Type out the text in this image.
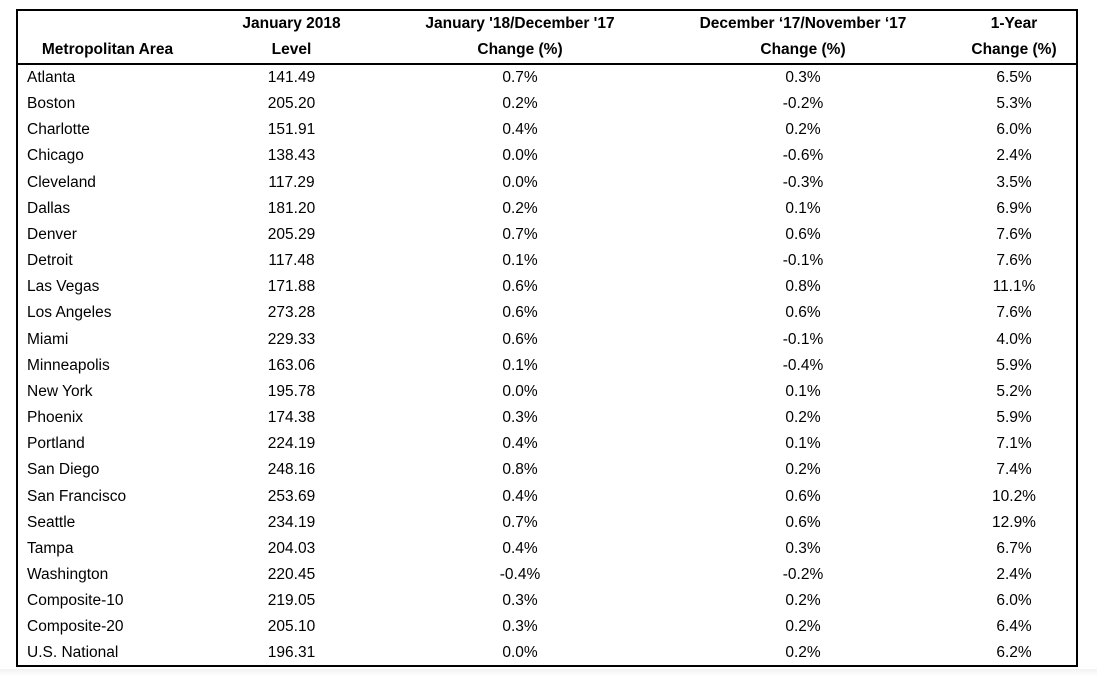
	January 2018	January '18/December '17	December ‘17/November ‘17	1-Year
Metropolitan Area	Level	Change (%)	Change (%)	Change (%)
Atlanta	141.49	0.7%	0.3%	6.5%
Boston	205.20	0.2%	-0.2%	5.3%
Charlotte	151.91	0.4%	0.2%	6.0%
Chicago	138.43	0.0%	-0.6%	2.4%
Cleveland	117.29	0.0%	-0.3%	3.5%
Dallas	181.20	0.2%	0.1%	6.9%
Denver	205.29	0.7%	0.6%	7.6%
Detroit	117.48	0.1%	-0.1%	7.6%
Las Vegas	171.88	0.6%	0.8%	11.1%
Los Angeles	273.28	0.6%	0.6%	7.6%
Miami	229.33	0.6%	-0.1%	4.0%
Minneapolis	163.06	0.1%	-0.4%	5.9%
New York	195.78	0.0%	0.1%	5.2%
Phoenix	174.38	0.3%	0.2%	5.9%
Portland	224.19	0.4%	0.1%	7.1%
San Diego	248.16	0.8%	0.2%	7.4%
San Francisco	253.69	0.4%	0.6%	10.2%
Seattle	234.19	0.7%	0.6%	12.9%
Tampa	204.03	0.4%	0.3%	6.7%
Washington	220.45	-0.4%	-0.2%	2.4%
Composite-10	219.05	0.3%	0.2%	6.0%
Composite-20	205.10	0.3%	0.2%	6.4%
U.S. National	196.31	0.0%	0.2%	6.2%
